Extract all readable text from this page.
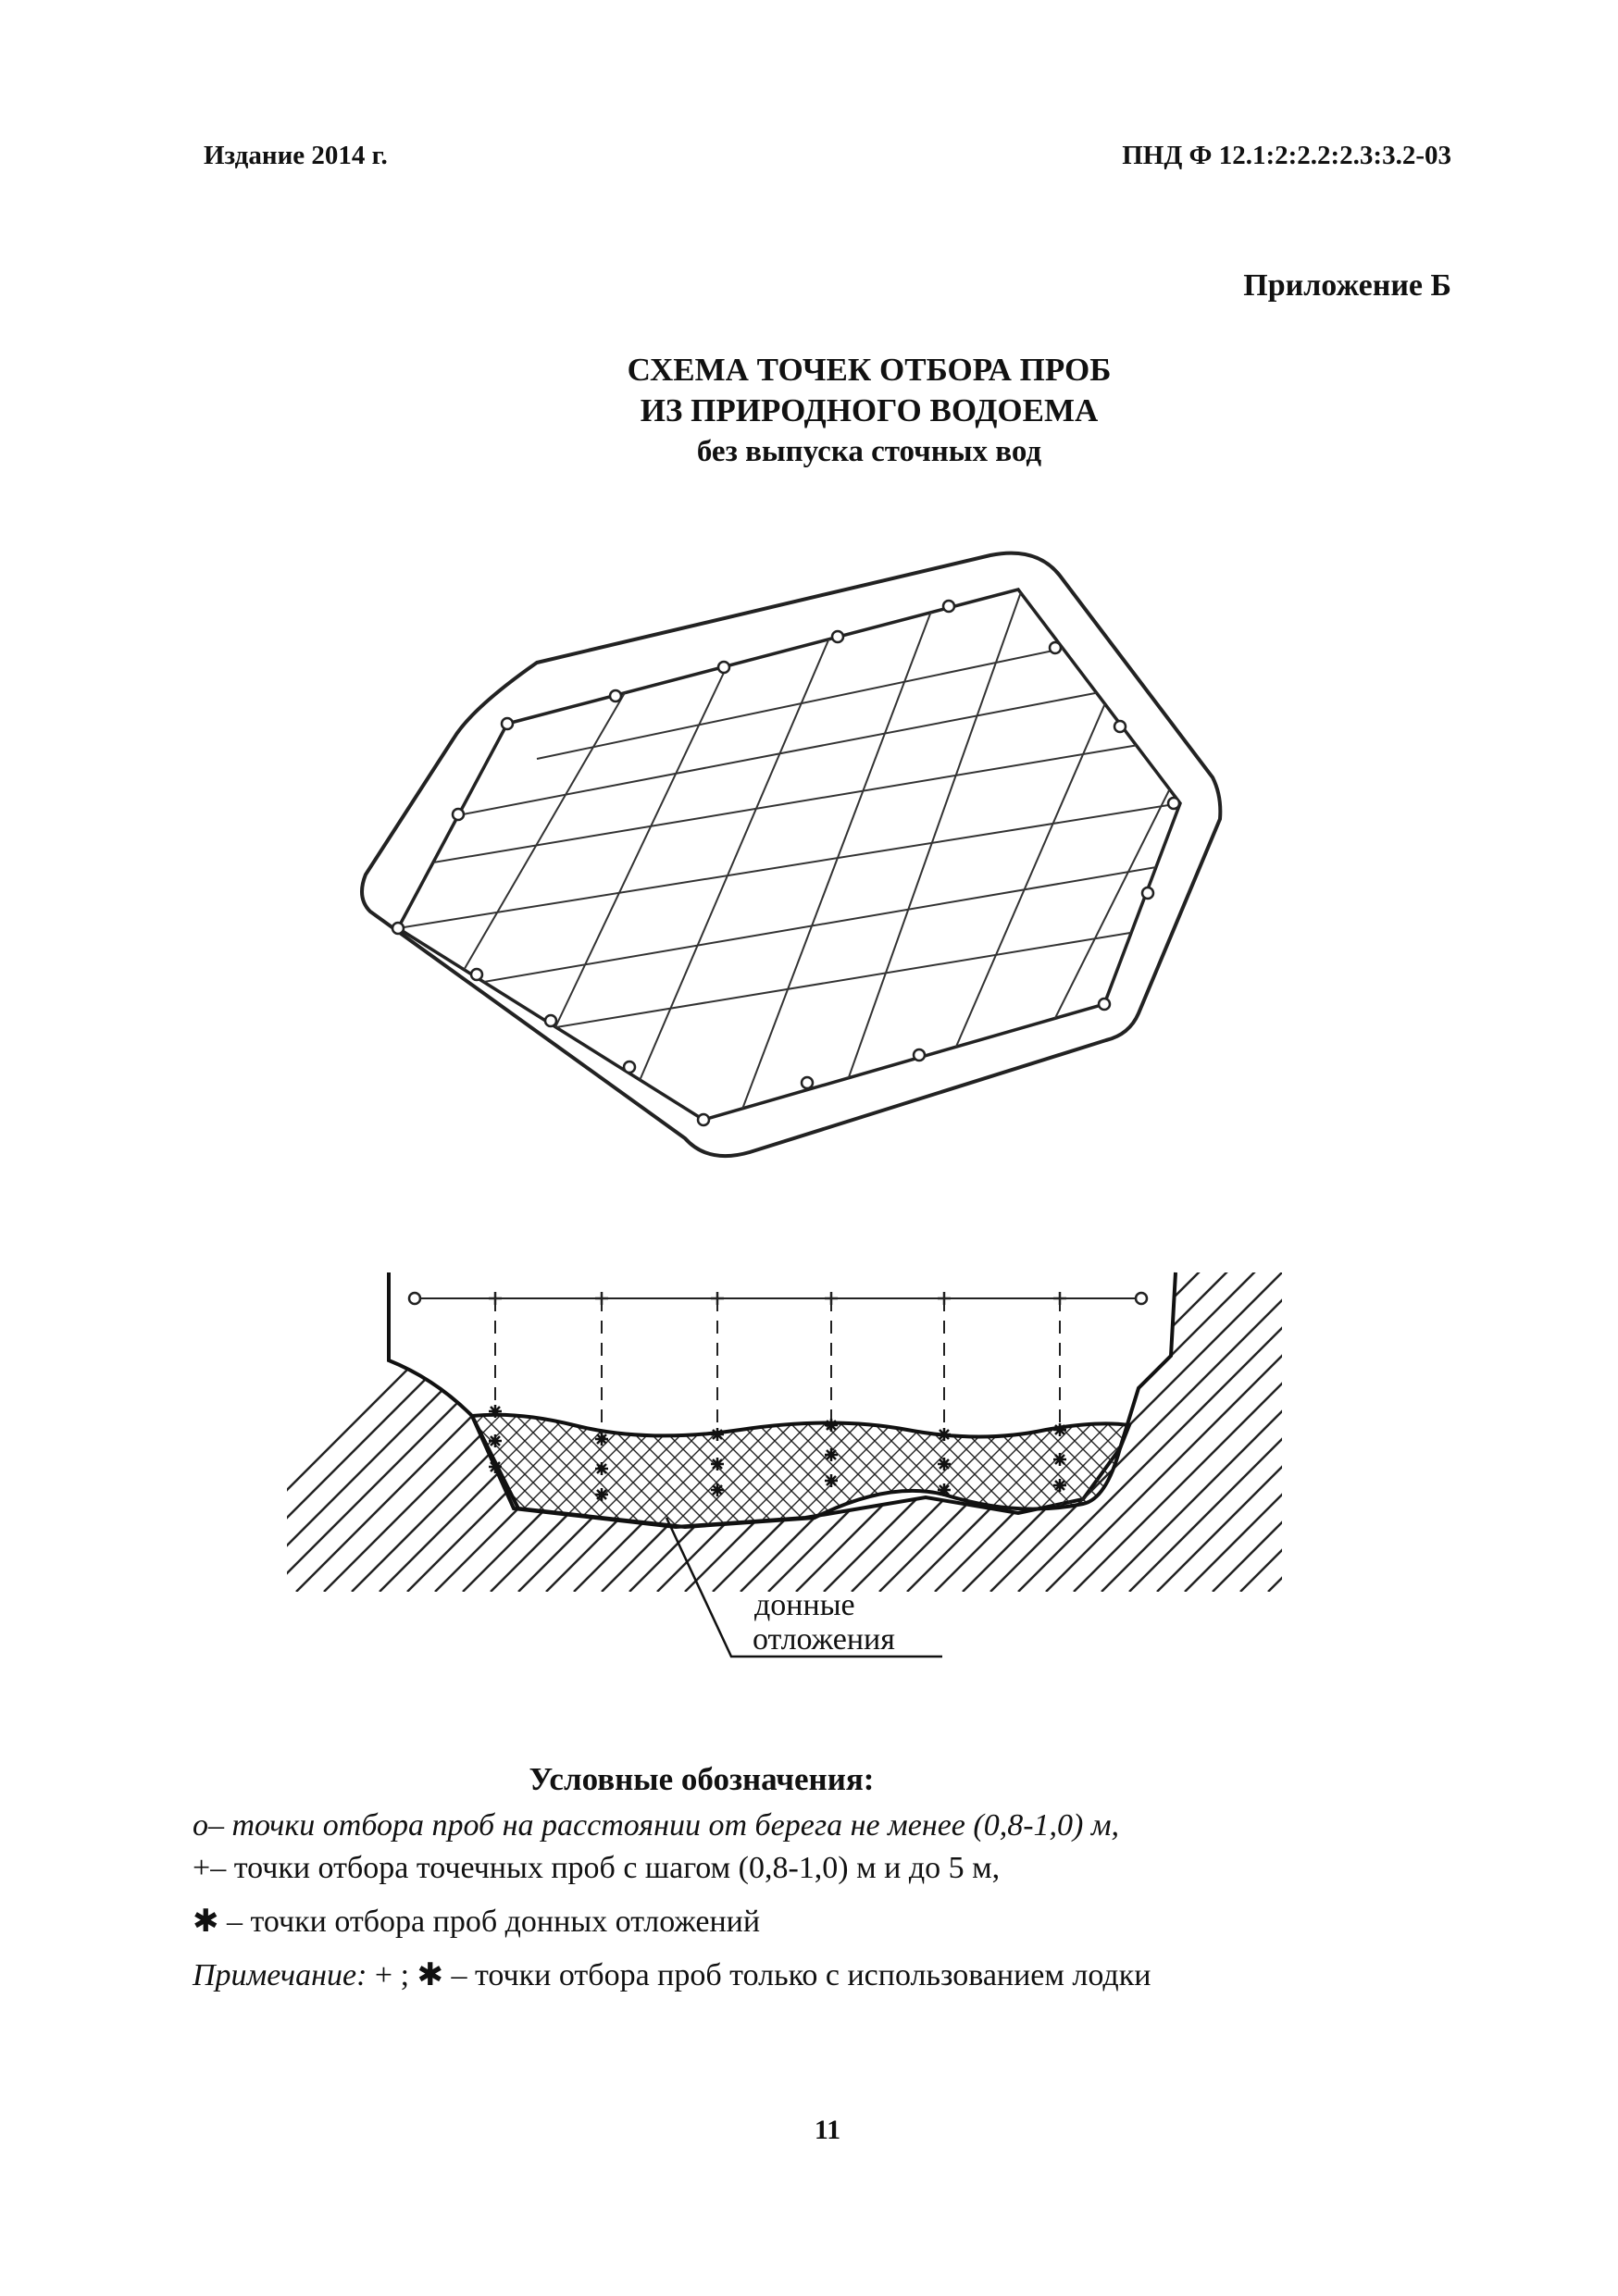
Издание 2014 г.	ПНД Ф 12.1:2:2.2:2.3:3.2-03
Приложение Б
СХЕМА ТОЧЕК ОТБОРА ПРОБ
ИЗ ПРИРОДНОГО ВОДОЕМА
без выпуска сточных вод
донные
отложения
Условные обозначения:
о– точки отбора проб на расстоянии от берега не менее (0,8-1,0) м,
+– точки отбора точечных проб с шагом (0,8-1,0) м и до 5 м,
✱ – точки отбора проб донных отложений
Примечание: + ; ✱ – точки отбора проб только с использованием лодки
11
